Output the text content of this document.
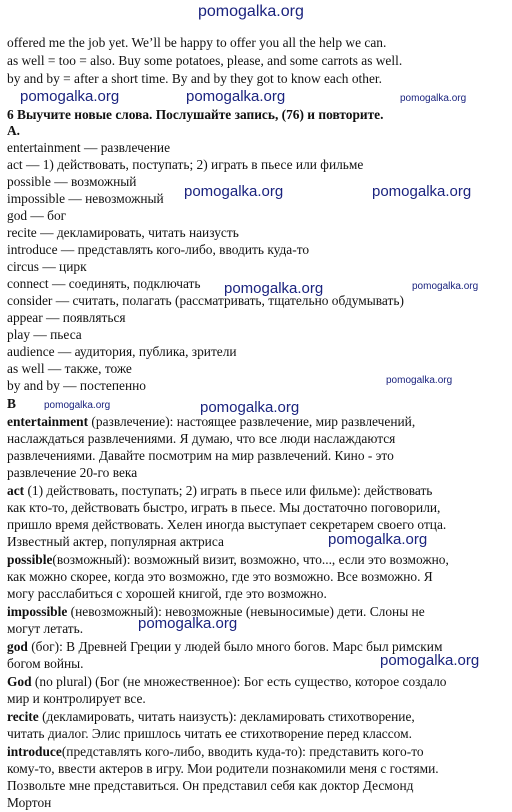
pomogalka.org
pomogalka.org	pomogalka.org	pomogalka.org
pomogalka.org	pomogalka.org
pomogalka.org	pomogalka.org
pomogalka.org
pomogalka.org	pomogalka.org
pomogalka.org
pomogalka.org
pomogalka.org
offered me the job yet. We’ll be happy to offer you all the help we can.
as well = too = also. Buy some potatoes, please, and some carrots as well.
by and by = after a short time. By and by they got to know each other.
6 Выучите новые слова. Послушайте запись, (76) и повторите.
A.
entertainment — развлечение
act — 1) действовать, поступать; 2) играть в пьесе или фильме
possible — возможный
impossible — невозможный
god — бог
recite — декламировать, читать наизусть
introduce — представлять кого-либо, вводить куда-то
circus — цирк
connect — соединять, подключать
consider — считать, полагать (рассматривать, тщательно обдумывать)
appear — появляться
play — пьеса
audience — аудитория, публика, зрители
as well — также, тоже
by and by — постепенно
B
entertainment (развлечение): настоящее развлечение, мир развлечений,
наслаждаться развлечениями. Я думаю, что все люди наслаждаются
развлечениями. Давайте посмотрим на мир развлечений. Кино - это
развлечение 20-го века
act (1) действовать, поступать; 2) играть в пьесе или фильме): действовать
как кто-то, действовать быстро, играть в пьесе. Мы достаточно поговорили,
пришло время действовать. Хелен иногда выступает секретарем своего отца.
Известный актер, популярная актриса
possible(возможный): возможный визит, возможно, что..., если это возможно,
как можно скорее, когда это возможно, где это возможно. Все возможно. Я
могу расслабиться с хорошей книгой, где это возможно.
impossible (невозможный): невозможные (невыносимые) дети. Слоны не
могут летать.
god (бог): В Древней Греции у людей было много богов. Марс был римским
богом войны.
God (no plural) (Бог (не множественное): Бог есть существо, которое создало
мир и контролирует все.
recite (декламировать, читать наизусть): декламировать стихотворение,
читать диалог. Элис пришлось читать ее стихотворение перед классом.
introduce(представлять кого-либо, вводить куда-то): представить кого-то
кому-то, ввести актеров в игру. Мои родители познакомили меня с гостями.
Позвольте мне представиться. Он представил себя как доктор Десмонд
Мортон
